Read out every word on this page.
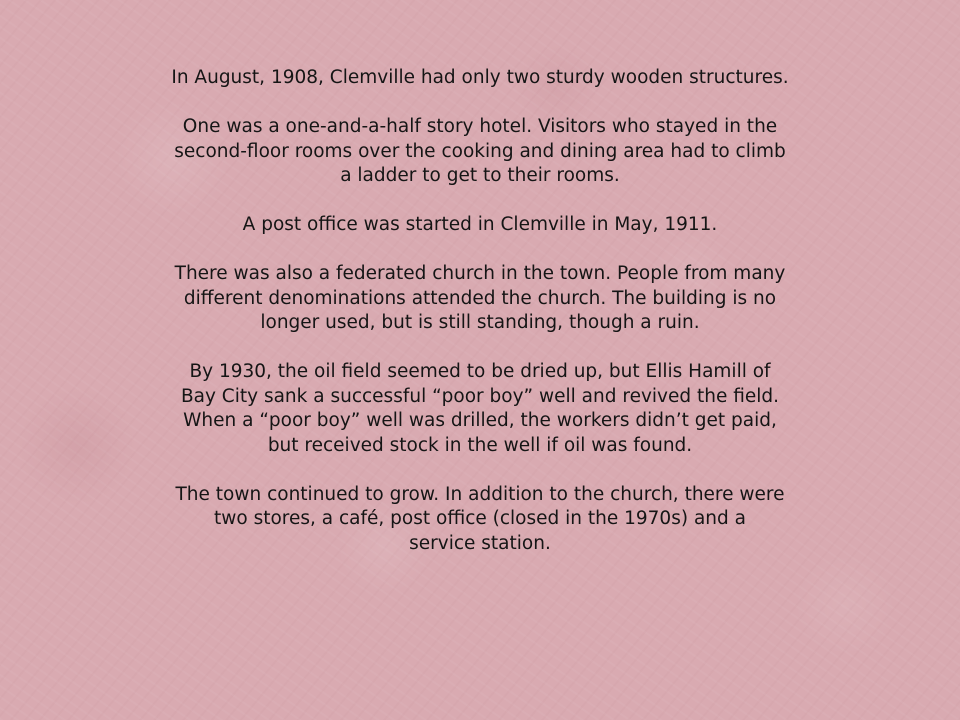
In August, 1908, Clemville had only two sturdy wooden structures.

One was a one-and-a-half story hotel. Visitors who stayed in the
second-floor rooms over the cooking and dining area had to climb
a ladder to get to their rooms.

A post office was started in Clemville in May, 1911.

There was also a federated church in the town. People from many
different denominations attended the church. The building is no
longer used, but is still standing, though a ruin.

By 1930, the oil field seemed to be dried up, but Ellis Hamill of
Bay City sank a successful “poor boy” well and revived the field.
When a “poor boy” well was drilled, the workers didn’t get paid,
but received stock in the well if oil was found.

The town continued to grow. In addition to the church, there were
two stores, a café, post office (closed in the 1970s) and a
service station.
